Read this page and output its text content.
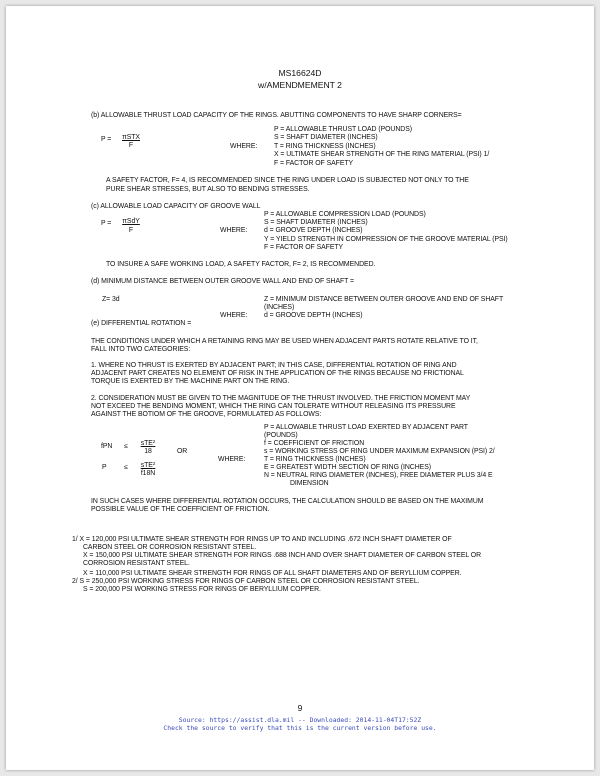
MS16624D
w/AMENDMEMENT 2
(b) ALLOWABLE THRUST LOAD CAPACITY OF THE RINGS. ABUTTING COMPONENTS TO HAVE SHARP CORNERS=
P = πSTX
F	WHERE:
P = ALLOWABLE THRUST LOAD (POUNDS)
S = SHAFT DIAMETER (INCHES)
T = RING THICKNESS (INCHES)
X = ULTIMATE SHEAR STRENGTH OF THE RING MATERIAL (PSI) 1/
F = FACTOR OF SAFETY
A SAFETY FACTOR, F= 4, IS RECOMMENDED SINCE THE RING UNDER LOAD IS SUBJECTED NOT ONLY TO THE
PURE SHEAR STRESSES, BUT ALSO TO BENDING STRESSES.
(c) ALLOWABLE LOAD CAPACITY OF GROOVE WALL
P =	πSdY
F	WHERE:
P = ALLOWABLE COMPRESSION LOAD (POUNDS)
S = SHAFT DIAMETER (INCHES)
d = GROOVE DEPTH (INCHES)
Y = YIELD STRENGTH IN COMPRESSION OF THE GROOVE MATERIAL (PSI)
F = FACTOR OF SAFETY
TO INSURE A SAFE WORKING LOAD, A SAFETY FACTOR, F= 2, IS RECOMMENDED.
(d) MINIMUM DISTANCE BETWEEN OUTER GROOVE WALL AND END OF SHAFT =
Z= 3d	Z = MINIMUM DISTANCE BETWEEN OUTER GROOVE AND END OF SHAFT
(INCHES)
WHERE: d = GROOVE DEPTH (INCHES)
(e) DIFFERENTIAL ROTATION =
THE CONDITIONS UNDER WHICH A RETAINING RING MAY BE USED WHEN ADJACENT PARTS ROTATE RELATIVE TO IT,
FALL INTO TWO CATEGORIES:
1. WHERE NO THRUST IS EXERTED BY ADJACENT PART; IN THIS CASE, DIFFERENTIAL ROTATION OF RING AND
ADJACENT PART CREATES NO ELEMENT OF RISK IN THE APPLICATION OF THE RINGS BECAUSE NO FRICTIONAL
TORQUE IS EXERTED BY THE MACHINE PART ON THE RING.
2. CONSIDERATION MUST BE GIVEN TO THE MAGNITUDE OF THE THRUST INVOLVED. THE FRICTION MOMENT MAY
NOT EXCEED THE BENDING MOMENT, WHICH THE RING CAN TOLERATE WITHOUT RELEASING ITS PRESSURE
AGAINST THE BOTIOM OF THE GROOVE, FORMULATED AS FOLLOWS:
fPN ≤	sTE$^2$
18	OR
WHERE:
P	≤	sTE$^2$
f18N
P = ALLOWABLE THRUST LOAD EXERTED BY ADJACENT PART
(POUNDS)
f = COEFFICIENT OF FRICTION
s = WORKING STRESS OF RING UNDER MAXIMUM EXPANSION (PSI) 2/
T = RING THICKNESS (INCHES)
E = GREATEST WIDTH SECTION OF RING (INCHES)
N = NEUTRAL RING DIAMETER (INCHES), FREE DIAMETER PLUS 3/4 E
DIMENSION
IN SUCH CASES WHERE DIFFERENTIAL ROTATION OCCURS, THE CALCULATION SHOULD BE BASED ON THE MAXIMUM
POSSIBLE VALUE OF THE COEFFICIENT OF FRICTION.
1/ X = 120,000 PSI ULTIMATE SHEAR STRENGTH FOR RINGS UP TO AND INCLUDING .672 INCH SHAFT DIAMETER OF
CARBON STEEL OR CORROSION RESISTANT STEEL.
X = 150,000 PSI ULTIMATE SHEAR STRENGTH FOR RINGS .688 INCH AND OVER SHAFT DIAMETER OF CARBON STEEL OR
CORROSION RESISTANT STEEL.
X = 110,000 PSI ULTIMATE SHEAR STRENGTH FOR RINGS OF ALL SHAFT DIAMETERS AND OF BERYLLIUM COPPER.
2/ S = 250,000 PSI WORKING STRESS FOR RINGS OF CARBON STEEL OR CORROSION RESISTANT STEEL.
S = 200,000 PSI WORKING STRESS FOR RINGS OF BERYLLIUM COPPER.
9
Source: https://assist.dla.mil -- Downloaded: 2014-11-04T17:52Z
Check the source to verify that this is the current version before use.
